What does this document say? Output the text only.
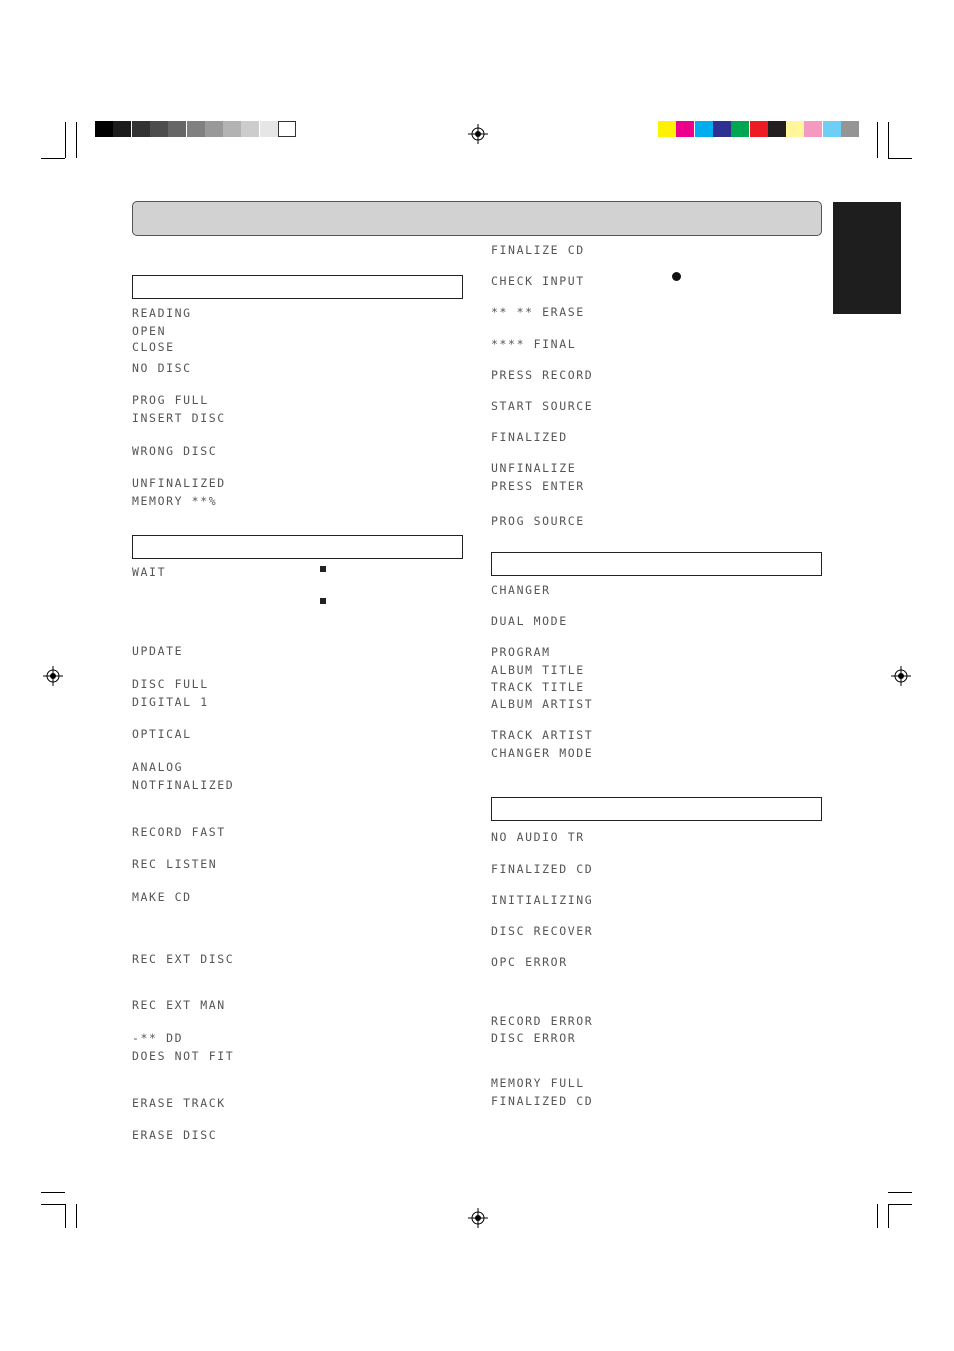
READING
OPEN
CLOSE
NO DISC
PROG FULL
INSERT DISC
WRONG DISC
UNFINALIZED
MEMORY **%
WAIT
UPDATE
DISC FULL
DIGITAL 1
OPTICAL
ANALOG
NOTFINALIZED
RECORD FAST
REC LISTEN
MAKE CD
REC EXT DISC
REC EXT MAN
-** DD
DOES NOT FIT
ERASE TRACK
ERASE DISC
FINALIZE CD
CHECK INPUT
** ** ERASE
**** FINAL
PRESS RECORD
START SOURCE
FINALIZED
UNFINALIZE
PRESS ENTER
PROG SOURCE
CHANGER
DUAL MODE
PROGRAM
ALBUM TITLE
TRACK TITLE
ALBUM ARTIST
TRACK ARTIST
CHANGER MODE
NO AUDIO TR
FINALIZED CD
INITIALIZING
DISC RECOVER
OPC ERROR
RECORD ERROR
DISC ERROR
MEMORY FULL
FINALIZED CD
